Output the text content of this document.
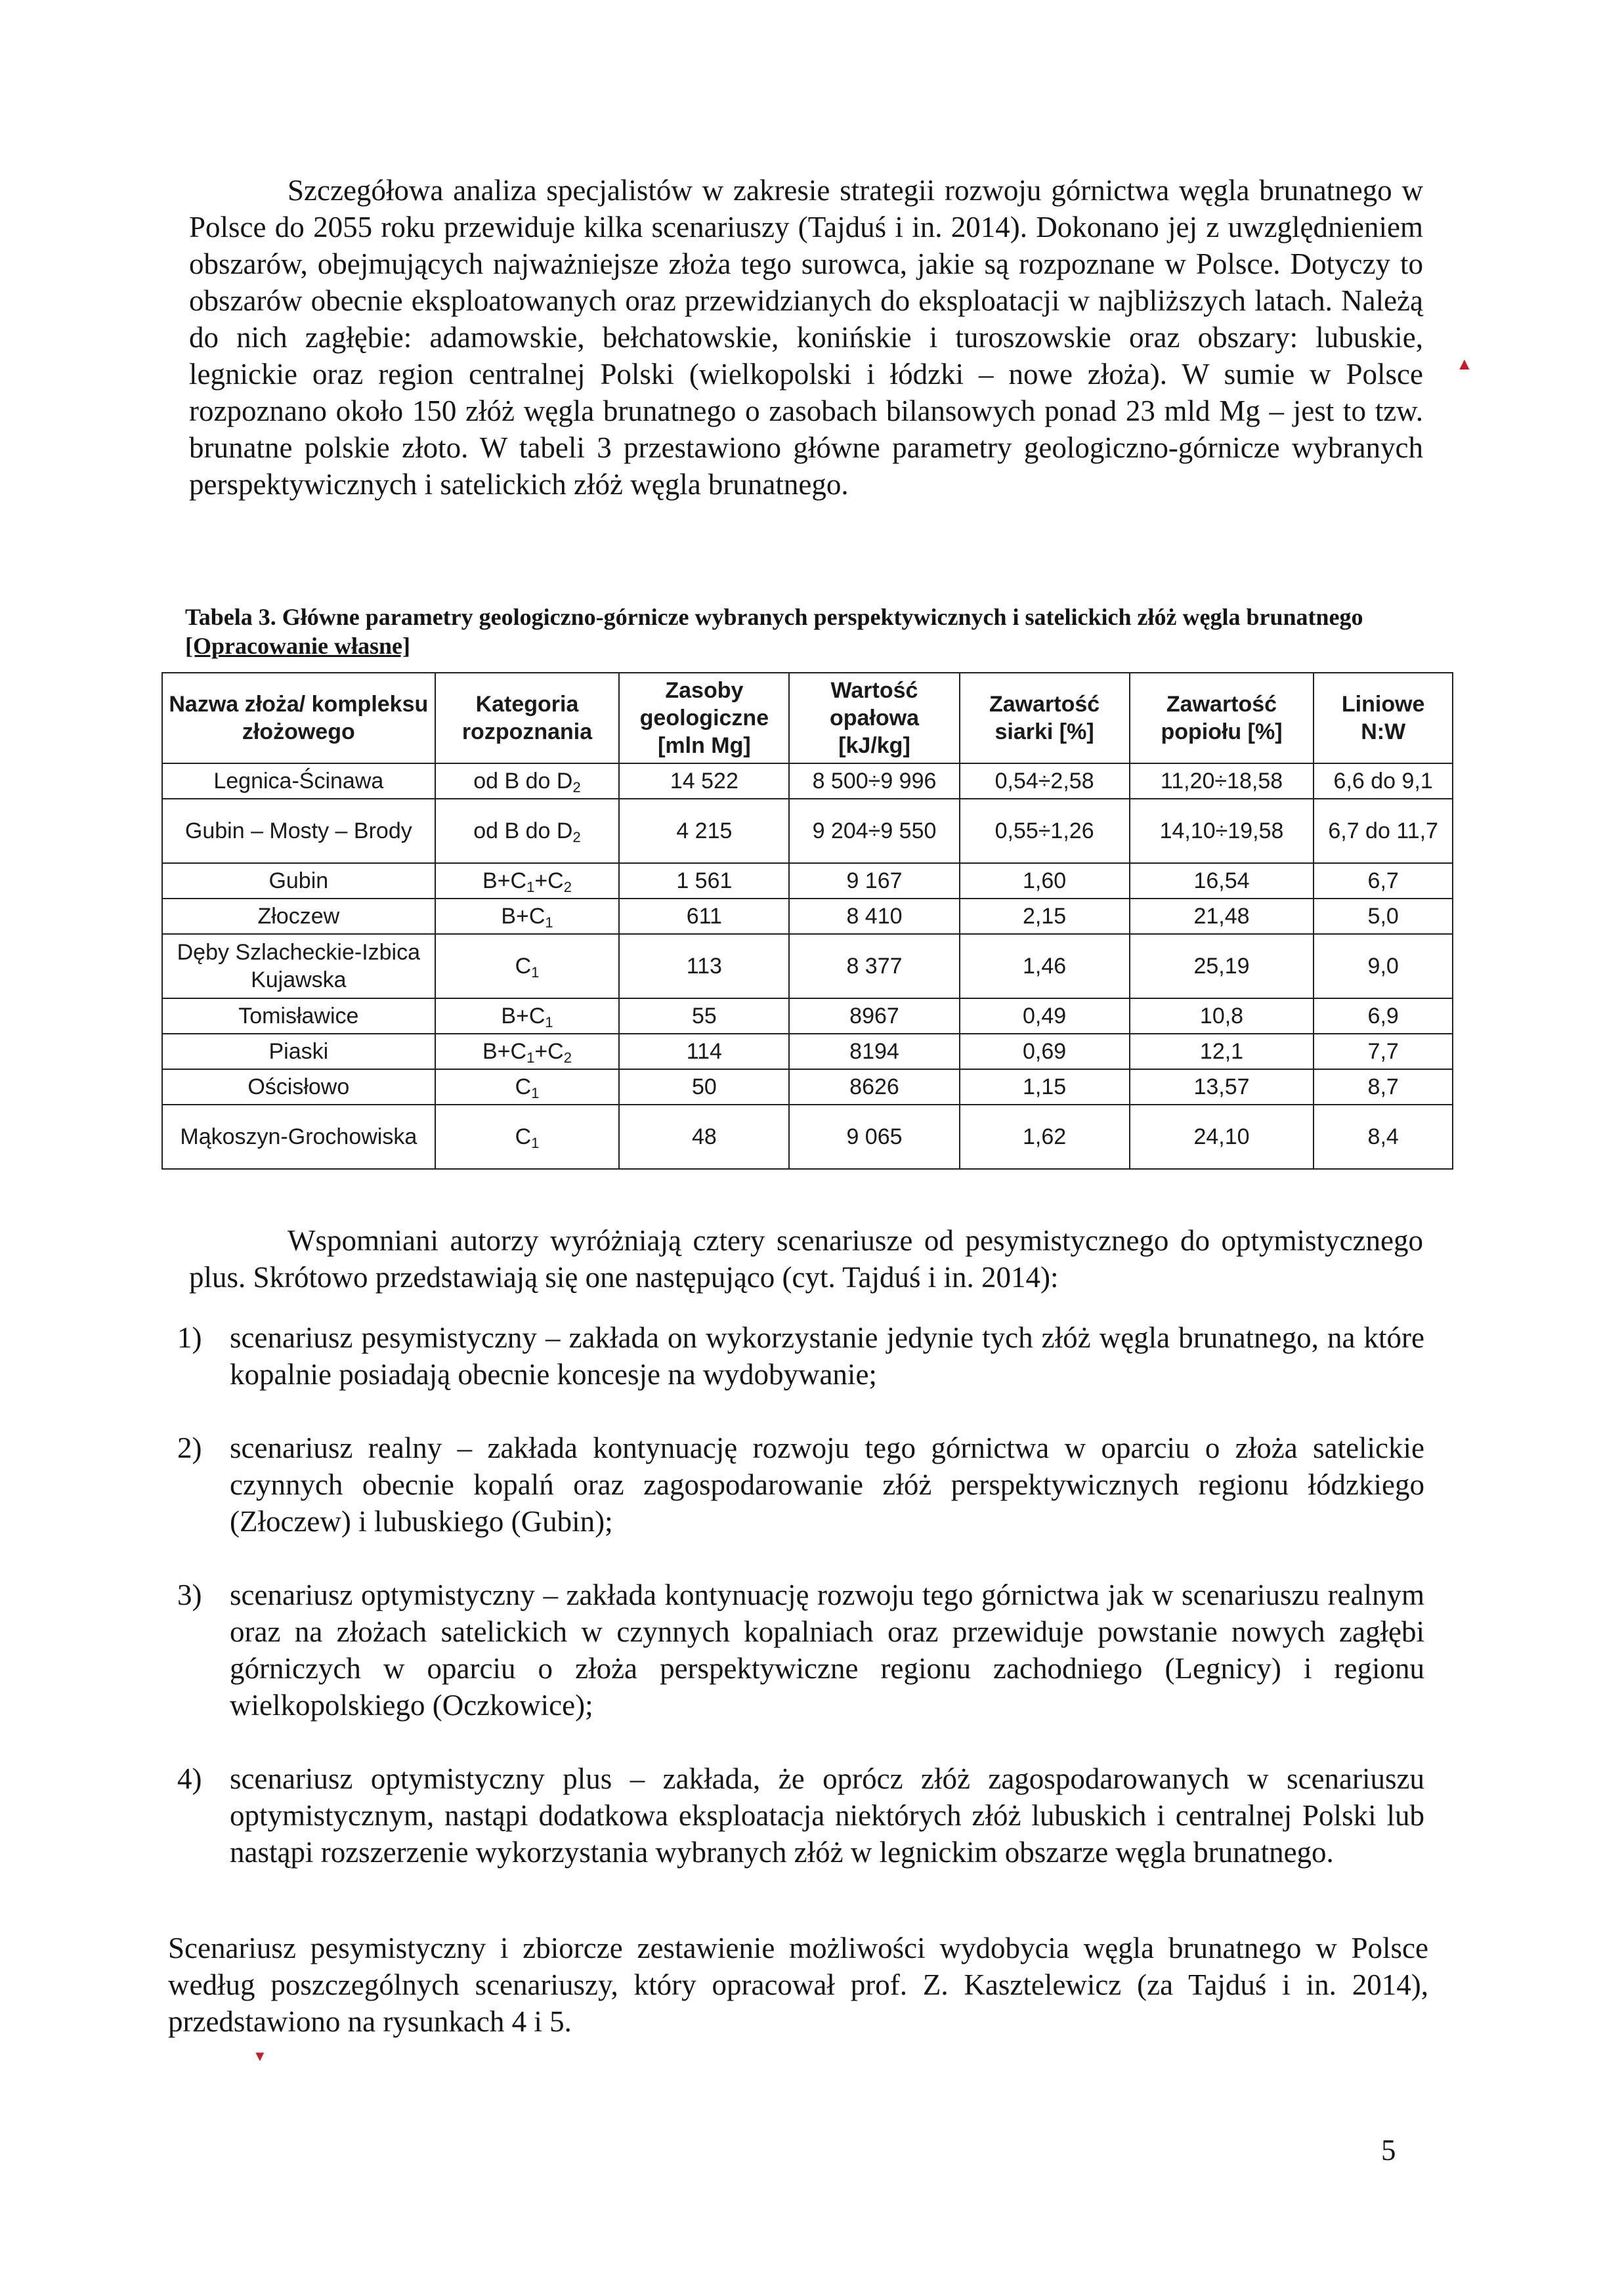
▲

Szczegółowa analiza specjalistów w zakresie strategii rozwoju górnictwa węgla brunatnego w Polsce do 2055 roku przewiduje kilka scenariuszy (Tajduś i in. 2014). Dokonano jej z uwzględnieniem obszarów, obejmujących najważniejsze złoża tego surowca, jakie są rozpoznane w Polsce. Dotyczy to obszarów obecnie eksploatowanych oraz przewidzianych do eksploatacji w najbliższych latach. Należą do nich zagłębie: adamowskie, bełchatowskie, konińskie i turoszowskie oraz obszary: lubuskie, legnickie oraz region centralnej Polski (wielkopolski i łódzki – nowe złoża). W sumie w Polsce rozpoznano około 150 złóż węgla brunatnego o zasobach bilansowych ponad 23 mld Mg – jest to tzw. brunatne polskie złoto. W tabeli 3 przestawiono główne parametry geologiczno-górnicze wybranych perspektywicznych i satelickich złóż węgla brunatnego.

Tabela 3. Główne parametry geologiczno-górnicze wybranych perspektywicznych i satelickich złóż węgla brunatnego [Opracowanie własne]

Nazwa złoża/ kompleksu złożowego	Kategoria rozpoznania	Zasoby geologiczne [mln Mg]	Wartość opałowa [kJ/kg]	Zawartość siarki [%]	Zawartość popiołu [%]	Liniowe N:W
Legnica-Ścinawa	od B do $D_2$	14 522	8 500÷9 996	0,54÷2,58	11,20÷18,58	6,6 do 9,1
Gubin – Mosty – Brody	od B do $D_2$	4 215	9 204÷9 550	0,55÷1,26	14,10÷19,58	6,7 do 11,7
Gubin	$B+C_1+C_2$	1 561	9 167	1,60	16,54	6,7
Złoczew	$B+C_1$	611	8 410	2,15	21,48	5,0
Dęby Szlacheckie-Izbica Kujawska	$C_1$	113	8 377	1,46	25,19	9,0
Tomisławice	$B+C_1$	55	8967	0,49	10,8	6,9
Piaski	$B+C_1+C_2$	114	8194	0,69	12,1	7,7
Ościsłowo	$C_1$	50	8626	1,15	13,57	8,7
Mąkoszyn-Grochowiska	$C_1$	48	9 065	1,62	24,10	8,4

Wspomniani autorzy wyróżniają cztery scenariusze od pesymistycznego do optymistycznego plus. Skrótowo przedstawiają się one następująco (cyt. Tajduś i in. 2014):

1) scenariusz pesymistyczny – zakłada on wykorzystanie jedynie tych złóż węgla brunatnego, na które kopalnie posiadają obecnie koncesje na wydobywanie;
2) scenariusz realny – zakłada kontynuację rozwoju tego górnictwa w oparciu o złoża satelickie czynnych obecnie kopalń oraz zagospodarowanie złóż perspektywicznych regionu łódzkiego (Złoczew) i lubuskiego (Gubin);
3) scenariusz optymistyczny – zakłada kontynuację rozwoju tego górnictwa jak w scenariuszu realnym oraz na złożach satelickich w czynnych kopalniach oraz przewiduje powstanie nowych zagłębi górniczych w oparciu o złoża perspektywiczne regionu zachodniego (Legnicy) i regionu wielkopolskiego (Oczkowice);
4) scenariusz optymistyczny plus – zakłada, że oprócz złóż zagospodarowanych w scenariuszu optymistycznym, nastąpi dodatkowa eksploatacja niektórych złóż lubuskich i centralnej Polski lub nastąpi rozszerzenie wykorzystania wybranych złóż w legnickim obszarze węgla brunatnego.

Scenariusz pesymistyczny i zbiorcze zestawienie możliwości wydobycia węgla brunatnego w Polsce według poszczególnych scenariuszy, który opracował prof. Z. Kasztelewicz (za Tajduś i in. 2014), przedstawiono na rysunkach 4 i 5.

▼
5
